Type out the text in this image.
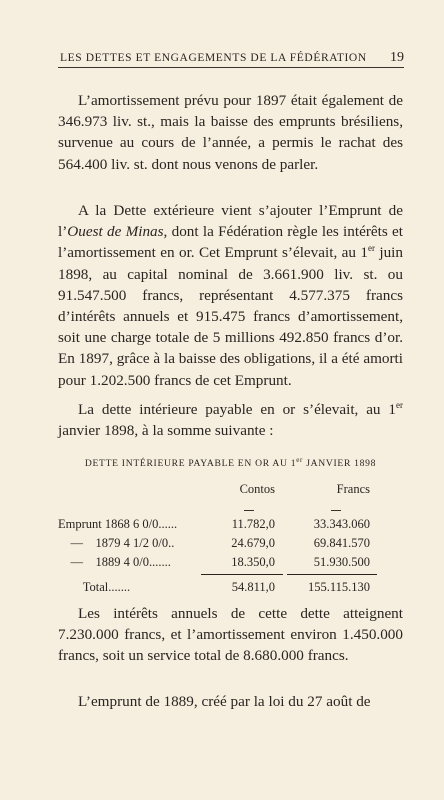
LES DETTES ET ENGAGEMENTS DE LA FÉDÉRATION 19

L’amortissement prévu pour 1897 était également de 346.973 liv. st., mais la baisse des emprunts brésiliens, survenue au cours de l’année, a permis le rachat des 564.400 liv. st. dont nous venons de parler.

A la Dette extérieure vient s’ajouter l’Emprunt de l’Ouest de Minas, dont la Fédération règle les intérêts et l’amortissement en or. Cet Emprunt s’élevait, au 1er juin 1898, au capital nominal de 3.661.900 liv. st. ou 91.547.500 francs, représentant 4.577.375 francs d’intérêts annuels et 915.475 francs d’amortissement, soit une charge totale de 5 millions 492.850 francs d’or. En 1897, grâce à la baisse des obligations, il a été amorti pour 1.202.500 francs de cet Emprunt.

La dette intérieure payable en or s’élevait, au 1er janvier 1898, à la somme suivante :

DETTE INTÉRIEURE PAYABLE EN OR AU 1er JANVIER 1898
Contos	Francs
Emprunt 1868 6 0/0......	11.782,0	33.343.060
—    1879 4 1/2 0/0..	24.679,0	69.841.570
—    1889 4 0/0.......	18.350,0	51.930.500
Total.......	54.811,0	155.115.130

Les intérêts annuels de cette dette atteignent 7.230.000 francs, et l’amortissement environ 1.450.000 francs, soit un service total de 8.680.000 francs.

L’emprunt de 1889, créé par la loi du 27 août de
